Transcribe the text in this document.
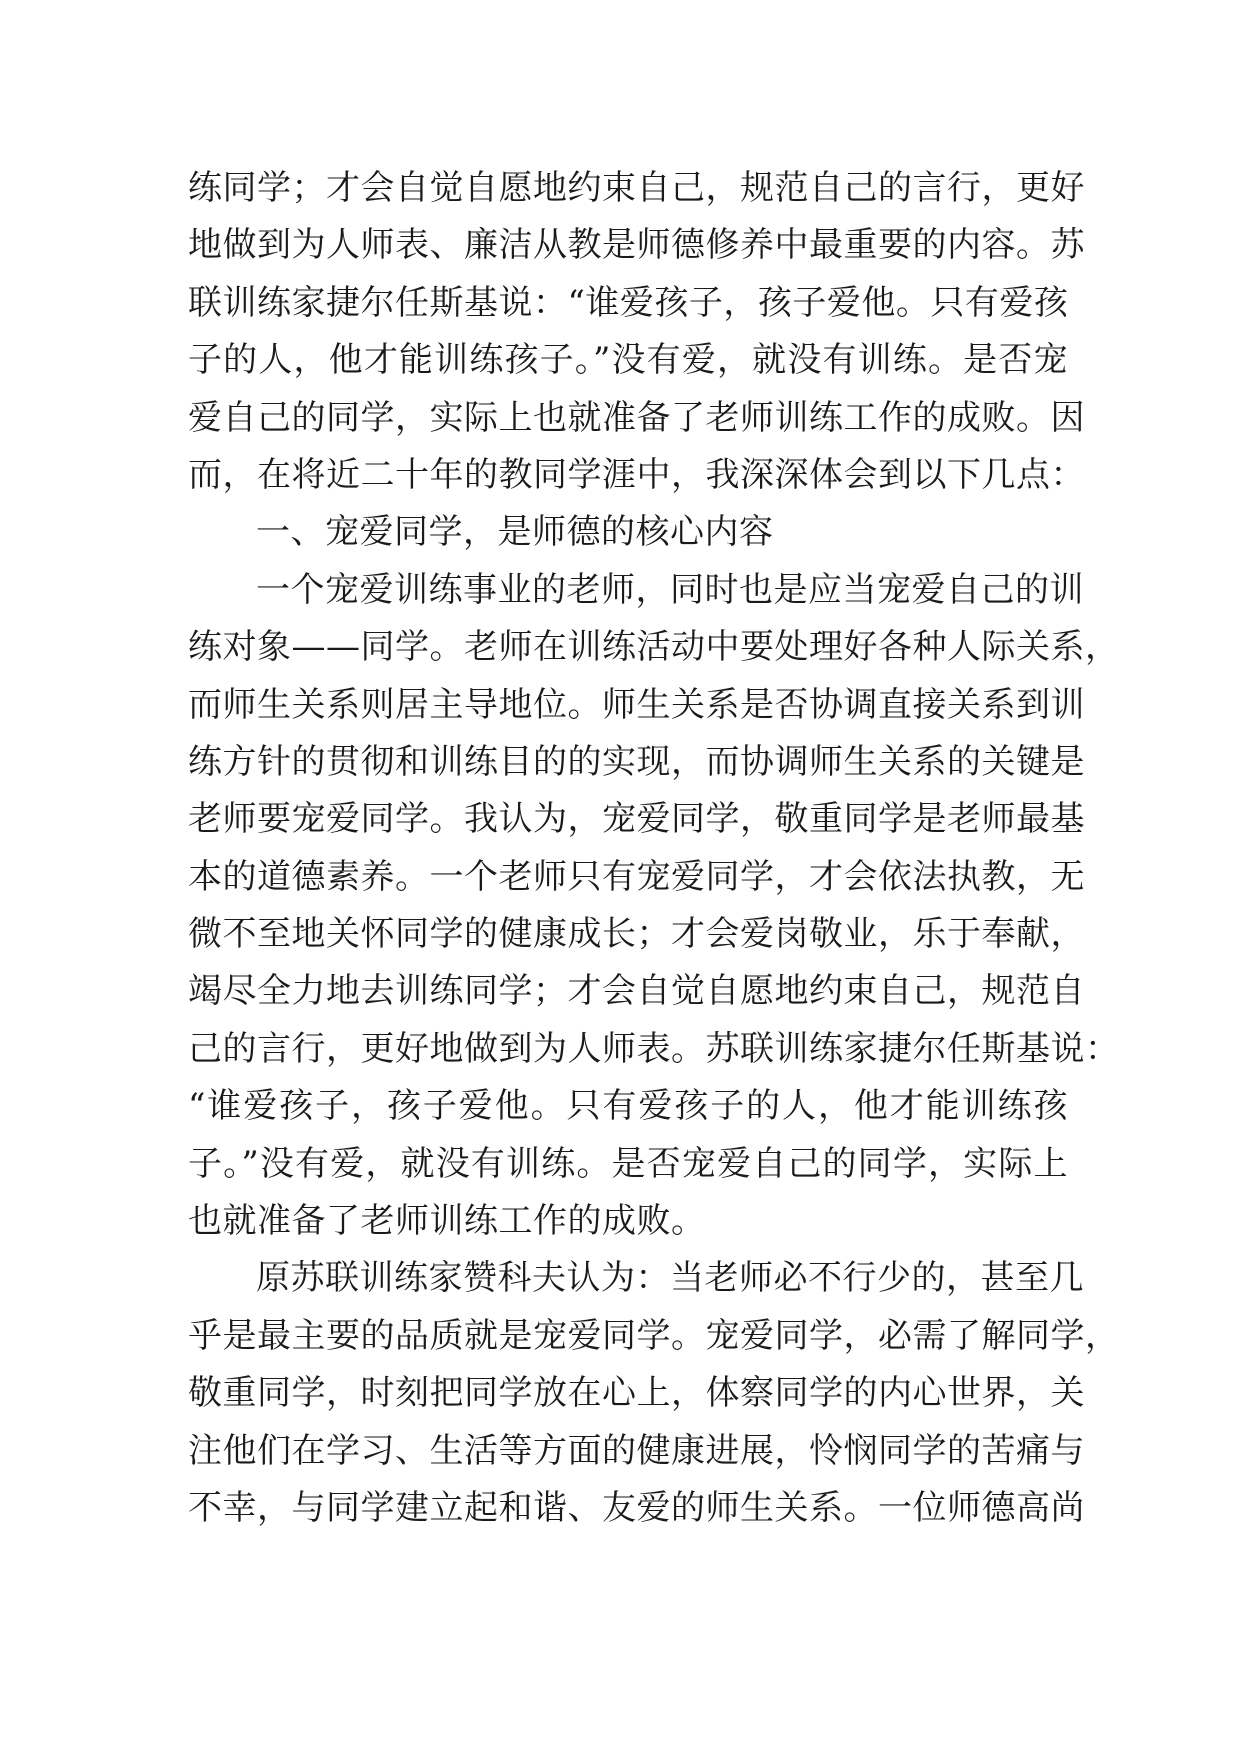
练同学；才会自觉自愿地约束自己，规范自己的言行，更好
地做到为人师表、廉洁从教是师德修养中最重要的内容。苏
联训练家捷尔任斯基说：“谁爱孩子，孩子爱他。只有爱孩
子的人，他才能训练孩子。”没有爱，就没有训练。是否宠
爱自己的同学，实际上也就准备了老师训练工作的成败。因
而，在将近二十年的教同学涯中，我深深体会到以下几点：
一、宠爱同学，是师德的核心内容
一个宠爱训练事业的老师，同时也是应当宠爱自己的训
练对象——同学。老师在训练活动中要处理好各种人际关系，
而师生关系则居主导地位。师生关系是否协调直接关系到训
练方针的贯彻和训练目的的实现，而协调师生关系的关键是
老师要宠爱同学。我认为，宠爱同学，敬重同学是老师最基
本的道德素养。一个老师只有宠爱同学，才会依法执教，无
微不至地关怀同学的健康成长；才会爱岗敬业，乐于奉献，
竭尽全力地去训练同学；才会自觉自愿地约束自己，规范自
己的言行，更好地做到为人师表。苏联训练家捷尔任斯基说：
“谁爱孩子，孩子爱他。只有爱孩子的人，他才能训练孩
子。”没有爱，就没有训练。是否宠爱自己的同学，实际上
也就准备了老师训练工作的成败。
原苏联训练家赞科夫认为：当老师必不行少的，甚至几
乎是最主要的品质就是宠爱同学。宠爱同学，必需了解同学，
敬重同学，时刻把同学放在心上，体察同学的内心世界，关
注他们在学习、生活等方面的健康进展，怜悯同学的苦痛与
不幸，与同学建立起和谐、友爱的师生关系。一位师德高尚
